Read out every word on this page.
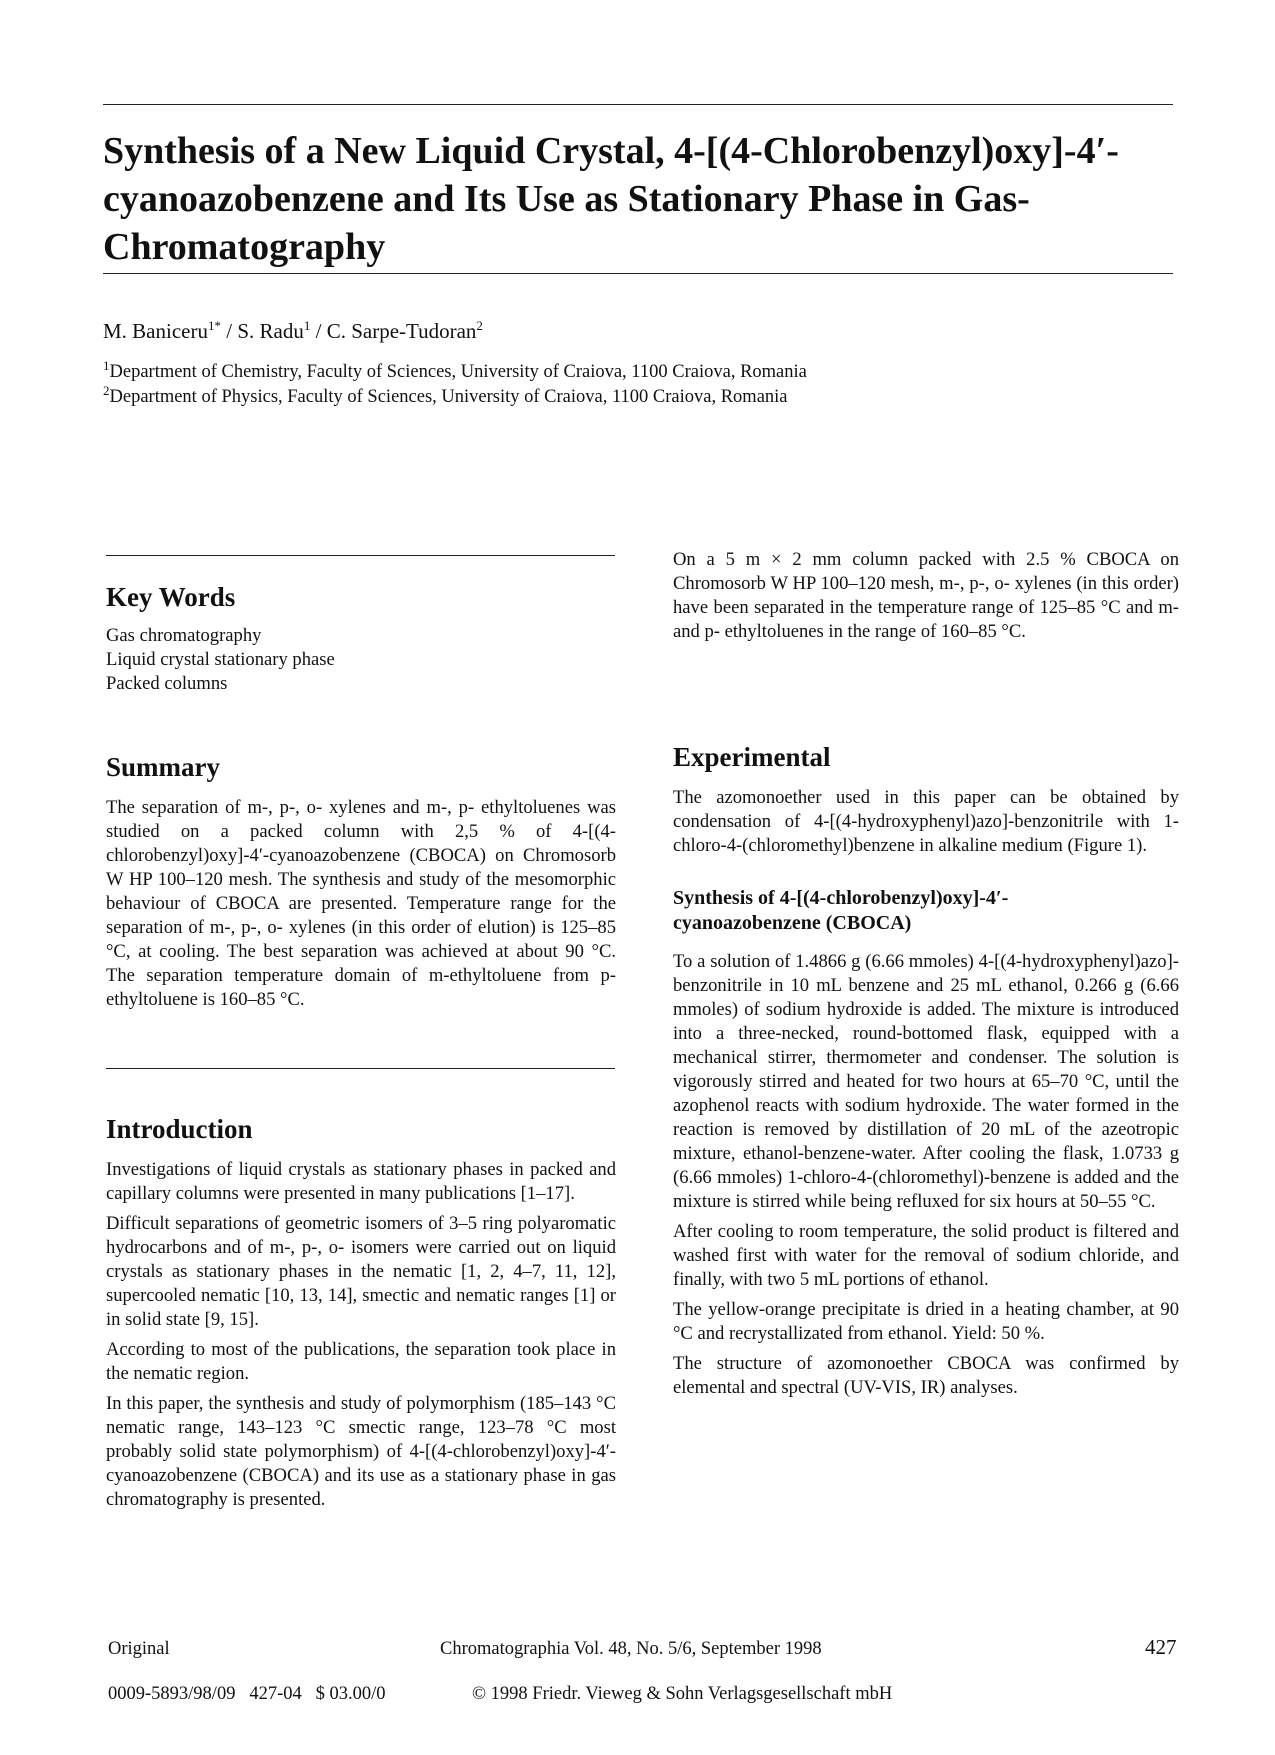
Synthesis of a New Liquid Crystal, 4-[(4-Chlorobenzyl)oxy]-4′-cyanoazobenzene and Its Use as Stationary Phase in Gas-Chromatography
M. Baniceru$^{1*}$ / S. Radu$^1$ / C. Sarpe-Tudoran$^2$
$^1$Department of Chemistry, Faculty of Sciences, University of Craiova, 1100 Craiova, Romania
$^2$Department of Physics, Faculty of Sciences, University of Craiova, 1100 Craiova, Romania
Key Words

Gas chromatography

Liquid crystal stationary phase

Packed columns

Summary

The separation of m-, p-, o- xylenes and m-, p- ethyltoluenes was studied on a packed column with 2,5 % of 4-[(4-chlorobenzyl)oxy]-4′-cyanoazobenzene (CBOCA) on Chromosorb W HP 100–120 mesh. The synthesis and study of the mesomorphic behaviour of CBOCA are presented. Temperature range for the separation of m-, p-, o- xylenes (in this order of elution) is 125–85 °C, at cooling. The best separation was achieved at about 90 °C. The separation temperature domain of m-ethyltoluene from p- ethyltoluene is 160–85 °C.

Introduction

Investigations of liquid crystals as stationary phases in packed and capillary columns were presented in many publications [1–17].

Difficult separations of geometric isomers of 3–5 ring polyaromatic hydrocarbons and of m-, p-, o- isomers were carried out on liquid crystals as stationary phases in the nematic [1, 2, 4–7, 11, 12], supercooled nematic [10, 13, 14], smectic and nematic ranges [1] or in solid state [9, 15].

According to most of the publications, the separation took place in the nematic region.

In this paper, the synthesis and study of polymorphism (185–143 °C nematic range, 143–123 °C smectic range, 123–78 °C most probably solid state polymorphism) of 4-[(4-chlorobenzyl)oxy]-4′-cyanoazobenzene (CBOCA) and its use as a stationary phase in gas chromatography is presented.

On a 5 m × 2 mm column packed with 2.5 % CBOCA on Chromosorb W HP 100–120 mesh, m-, p-, o- xylenes (in this order) have been separated in the temperature range of 125–85 °C and m- and p- ethyltoluenes in the range of 160–85 °C.

Experimental

The azomonoether used in this paper can be obtained by condensation of 4-[(4-hydroxyphenyl)azo]-benzonitrile with 1-chloro-4-(chloromethyl)benzene in alkaline medium (Figure 1).

Synthesis of 4-[(4-chlorobenzyl)oxy]-4′-
cyanoazobenzene (CBOCA)

To a solution of 1.4866 g (6.66 mmoles) 4-[(4-hydroxyphenyl)azo]-benzonitrile in 10 mL benzene and 25 mL ethanol, 0.266 g (6.66 mmoles) of sodium hydroxide is added. The mixture is introduced into a three-necked, round-bottomed flask, equipped with a mechanical stirrer, thermometer and condenser. The solution is vigorously stirred and heated for two hours at 65–70 °C, until the azophenol reacts with sodium hydroxide. The water formed in the reaction is removed by distillation of 20 mL of the azeotropic mixture, ethanol-benzene-water. After cooling the flask, 1.0733 g (6.66 mmoles) 1-chloro-4-(chloromethyl)-benzene is added and the mixture is stirred while being refluxed for six hours at 50–55 °C.

After cooling to room temperature, the solid product is filtered and washed first with water for the removal of sodium chloride, and finally, with two 5 mL portions of ethanol.

The yellow-orange precipitate is dried in a heating chamber, at 90 °C and recrystallizated from ethanol. Yield: 50 %.

The structure of azomonoether CBOCA was confirmed by elemental and spectral (UV-VIS, IR) analyses.

Original	Chromatographia Vol. 48, No. 5/6, September 1998	427
0009-5893/98/09   427-04   $ 03.00/0	© 1998 Friedr. Vieweg & Sohn Verlagsgesellschaft mbH
